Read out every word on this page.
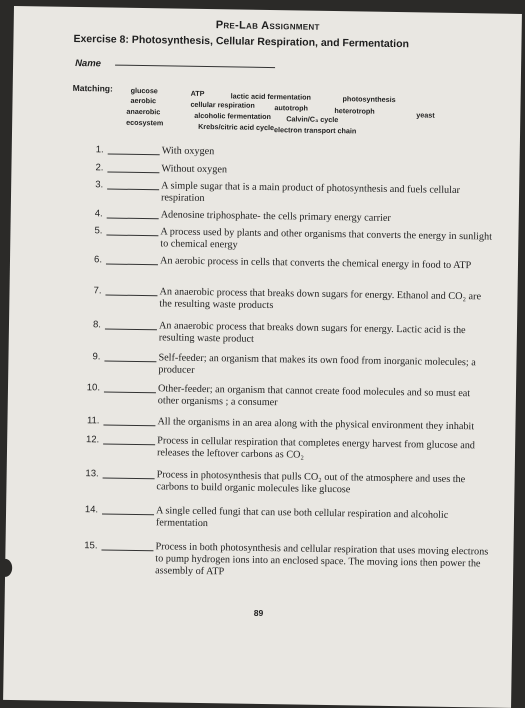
Pre-Lab Assignment
Exercise 8: Photosynthesis, Cellular Respiration, and Fermentation
Name
Matching: glucose
aerobic
anaerobic
ecosystem
ATP
cellular respiration
alcoholic fermentation
Krebs/citric acid cycle
lactic acid fermentation
autotroph
Calvin/C₃ cycle
electron transport chain
photosynthesis
heterotroph	yeast
1.	With oxygen
2.	Without oxygen
3.	A simple sugar that is a main product of photosynthesis and fuels cellular respiration
4.	Adenosine triphosphate- the cells primary energy carrier
5.	A process used by plants and other organisms that converts the energy in sunlight to chemical energy
6.	An aerobic process in cells that converts the chemical energy in food to ATP
7.	An anaerobic process that breaks down sugars for energy. Ethanol and CO₂ are the resulting waste products
8.	An anaerobic process that breaks down sugars for energy. Lactic acid is the resulting waste product
9.	Self-feeder; an organism that makes its own food from inorganic molecules; a producer
10.	Other-feeder; an organism that cannot create food molecules and so must eat other organisms ; a consumer
11.	All the organisms in an area along with the physical environment they inhabit
12.	Process in cellular respiration that completes energy harvest from glucose and releases the leftover carbons as CO₂
13.	Process in photosynthesis that pulls CO₂ out of the atmosphere and uses the carbons to build organic molecules like glucose
14.	A single celled fungi that can use both cellular respiration and alcoholic fermentation
15.	Process in both photosynthesis and cellular respiration that uses moving electrons to pump hydrogen ions into an enclosed space. The moving ions then power the assembly of ATP
89
